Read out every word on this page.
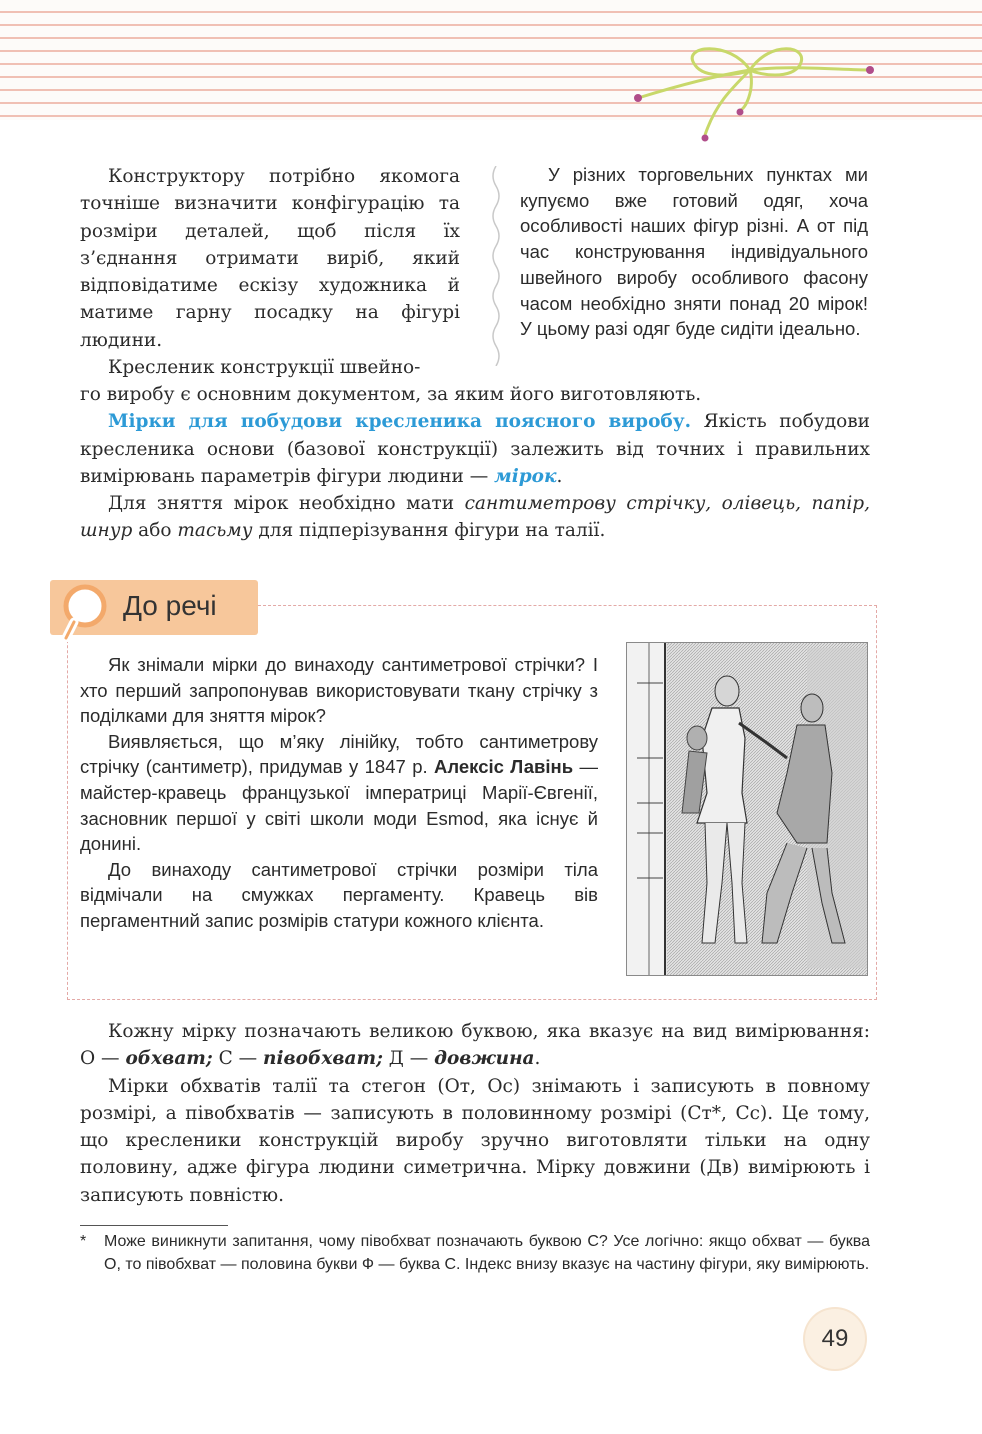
Конструктору потрібно якомога точніше визначити конфігурацію та розміри деталей, щоб після їх з’єднання отримати виріб, який відповідатиме ескізу художника й матиме гарну посадку на фігурі людини.

Кресленик конструкції швейно-

У різних торговельних пунктах ми купуємо вже готовий одяг, хоча особливості наших фігур різні. А от під час конструювання індивідуального швейного виробу особливого фасону часом необхідно зняти понад 20 мірок! У цьому разі одяг буде сидіти ідеально.

го виробу є основним документом, за яким його виготовляють.

Мірки для побудови кресленика поясного виробу. Якість побудови кресленика основи (базової конструкції) залежить від точних і правильних вимірювань параметрів фігури людини — мірок.

Для зняття мірок необхідно мати сантиметрову стрічку, олівець, папір, шнур або тасьму для підперізування фігури на талії.

До речі

Як знімали мірки до винаходу сантиметрової стрічки? І хто перший запропонував використовувати ткану стрічку з поділками для зняття мірок?

Виявляється, що м’яку лінійку, тобто сантиметрову стрічку (сантиметр), придумав у 1847 р. Алексіс Лавінь — майстер-кравець французької імператриці Марії-Євгенії, засновник першої у світі школи моди Esmod, яка існує й донині.

До винаходу сантиметрової стрічки розміри тіла відмічали на смужках пергаменту. Кравець вів пергаментний запис розмірів статури кожного клієнта.

Кожну мірку позначають великою буквою, яка вказує на вид вимірювання: О — обхват; С — півобхват; Д — довжина.

Мірки обхватів талії та стегон (От, Ос) знімають і записують в повному розмірі, а півобхватів — записують в половинному розмірі (Ст*, Сс). Це тому, що кресленики конструкцій виробу зручно виготовляти тільки на одну половину, адже фігура людини симетрична. Мірку довжини (Дв) вимірюють і записують повністю.

* Може виникнути запитання, чому півобхват позначають буквою С? Усе логічно: якщо обхват — буква О, то півобхват — половина букви Ф — буква С. Індекс внизу вказує на частину фігури, яку вимірюють.
49
